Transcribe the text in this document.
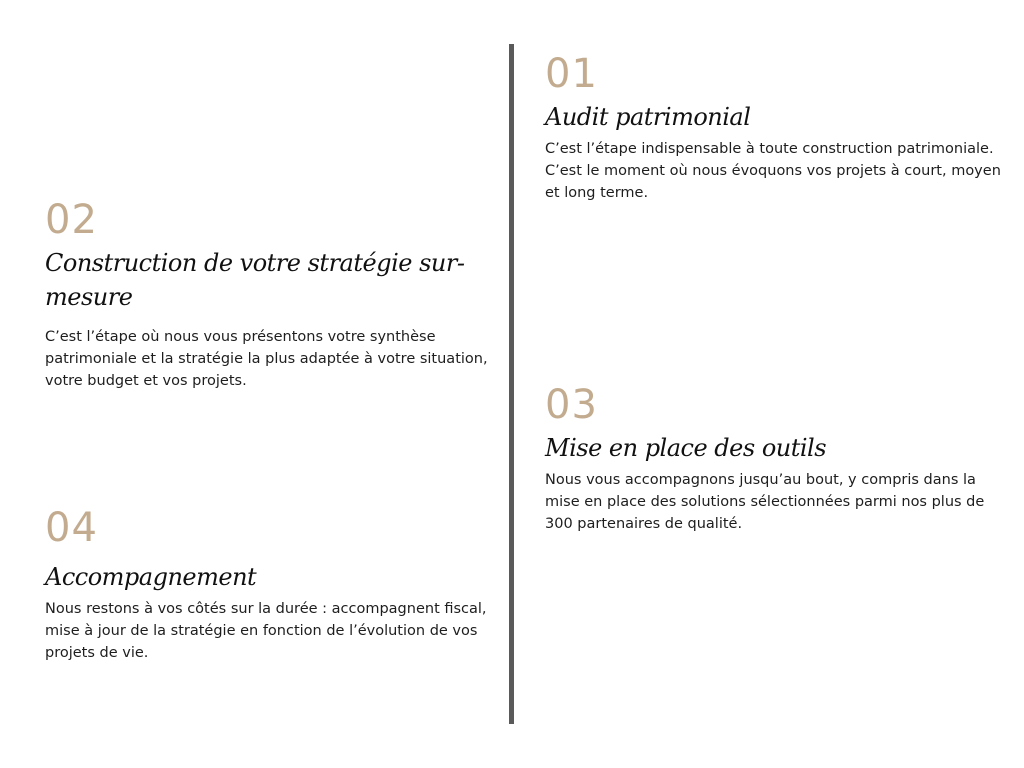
01
Audit patrimonial

C’est l’étape indispensable à toute construction patrimoniale. C’est le moment où nous évoquons vos projets à court, moyen et long terme.

02
Construction de votre stratégie sur-mesure

C’est l’étape où nous vous présentons votre synthèse patrimoniale et la stratégie la plus adaptée à votre situation, votre budget et vos projets.

03
Mise en place des outils

Nous vous accompagnons jusqu’au bout, y compris dans la mise en place des solutions sélectionnées parmi nos plus de 300 partenaires de qualité.

04
Accompagnement

Nous restons à vos côtés sur la durée : accompagnent fiscal, mise à jour de la stratégie en fonction de l’évolution de vos projets de vie.
